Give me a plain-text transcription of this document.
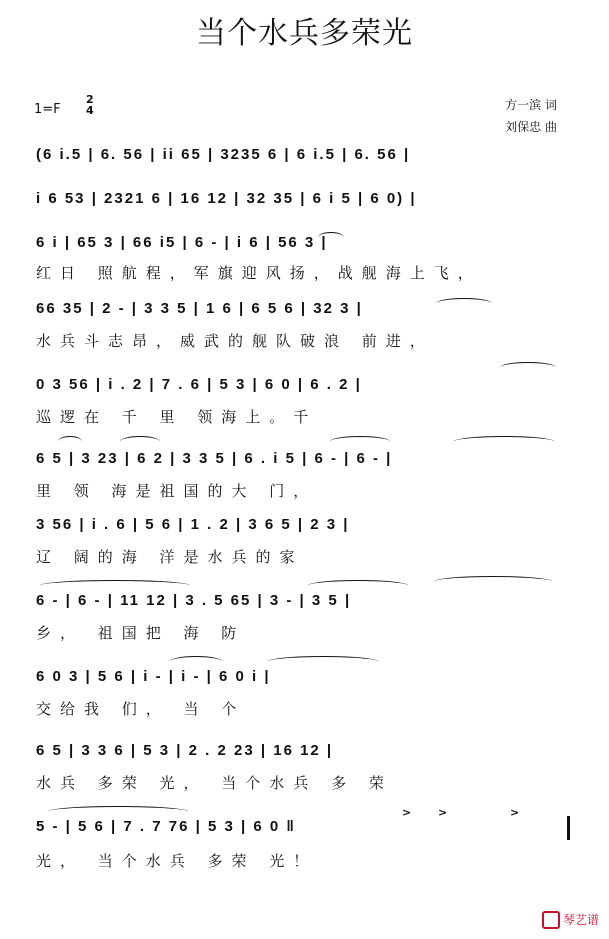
当个水兵多荣光
1=F
2
4	方一滨 词
刘保忠 曲
(6 i.5 | 6. 56 | ii 65 | 3235 6 | 6 i.5 | 6. 56 |
i 6 53 | 2321 6 | 16 12 | 32 35 | 6 i 5 | 6 0) |
6 i | 65 3 | 66 i5 | 6 - | i 6 | 56 3 |
红日 照航程，军旗迎风扬，战舰海上飞，
66 35 | 2 - | 3 3 5 | 1 6 | 6 5 6 | 32 3 |
水兵斗志昂，威武的舰队破浪 前进，
0 3 56 | i . 2 | 7 . 6 | 5 3 | 6 0 | 6 . 2 |
巡逻在 千 里 领海上。千
6 5 | 3 23 | 6 2 | 3 3 5 | 6 . i 5 | 6 - | 6 - |
里 领 海是祖国的大 门，
3 56 | i . 6 | 5 6 | 1 . 2 | 3 6 5 | 2 3 |
辽 阔的海 洋是水兵的家
6 - | 6 - | 11 12 | 3 . 5 65 | 3 - | 3 5 |
乡， 祖国把 海 防
6 0 3 | 5 6 | i - | i - | 6 0 i |
交给我 们， 当 个
6 5 | 3 3 6 | 5 3 | 2 . 2 23 | 16 12 |
水兵 多荣 光， 当个水兵 多 荣
5 - | 5 6 | 7 . 7 76 | 5 3 | 6 0 ‖
光， 当个水兵 多荣 光！
> >	>
琴艺谱
